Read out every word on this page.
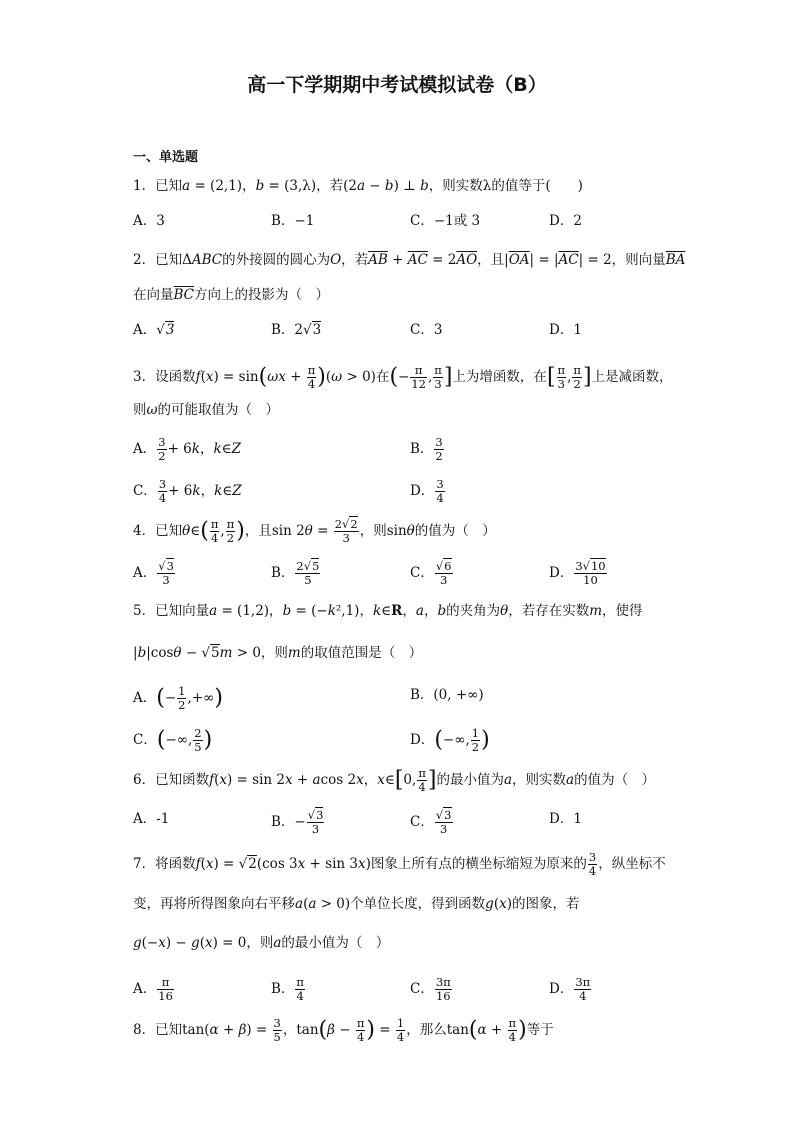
高一下学期期中考试模拟试卷（B）
一、单选题
1．已知a = (2,1)，b = (3,λ)，若(2a − b) ⊥ b，则实数λ的值等于(　　)
A．3	B．−1	C．−1或 3	D．2
2．已知ΔABC的外接圆的圆心为O，若$\overline{AB} + \overline{AC} = 2\overline{AO}$，且$|\overline{OA}| = |\overline{AC}| = 2$，则向量$\overline{BA}$
在向量$\overline{BC}$方向上的投影为（　）
A．√3	B．2√3	C．3	D．1
3．设函数$f(x) = \sin(\omega x + \frac{\pi}{4} )(\omega > 0)$在(− $\frac{\pi}{12}$ , $\frac{\pi}{3}$ ]上为增函数，在[ $\frac{\pi}{3}$ , $\frac{\pi}{2}$ ]上是减函数，
则ω的可能取值为（　）
A． $\frac{3}{2} + 6k$，k∈Z	B． $\frac{3}{2}$
C． $\frac{3}{4} + 6k$，k∈Z	D． $\frac{3}{4}$
4．已知θ∈( $\frac{\pi}{4}$ , $\frac{\pi}{2}$ )，且$\sin 2\theta = \frac{2√2}{3}$ ，则sinθ的值为（　）
A． $\frac{√3}{3}$	B． $\frac{2√5}{5}$	C． $\frac{√6}{3}$	D． $\frac{3√10}{10}$
5．已知向量a = (1,2)，b = (−k²,1)，k∈R，a，b的夹角为θ，若存在实数m，使得
|b|cosθ − √5m > 0，则m的取值范围是（　）
A．(− $\frac{1}{2}$ ,+∞)	B．(0, +∞)
C．(−∞, $\frac{2}{5}$ )	D．(−∞, $\frac{1}{2}$ )
6．已知函数f(x) = sin 2x + acos 2x，x∈[0, $\frac{\pi}{4}$ ]的最小值为a，则实数a的值为（　）
A．-1	B．− $\frac{√3}{3}$	C． $\frac{√3}{3}$	D．1
7．将函数f(x) = √2(cos 3x + sin 3x)图象上所有点的横坐标缩短为原来的 $\frac{3}{4}$ ，纵坐标不
变，再将所得图象向右平移a(a > 0)个单位长度，得到函数g(x)的图象，若
g(−x) − g(x) = 0，则a的最小值为（　）
A． $\frac{\pi}{16}$	B． $\frac{\pi}{4}$	C． $\frac{3\pi}{16}$	D． $\frac{3\pi}{4}$
8．已知$\tan(\alpha + \beta) = \frac{3}{5}$ ，$\tan(\beta - \frac{\pi}{4}$ ) = $\frac{1}{4}$ ，那么$\tan(\alpha + \frac{\pi}{4}$ )等于
